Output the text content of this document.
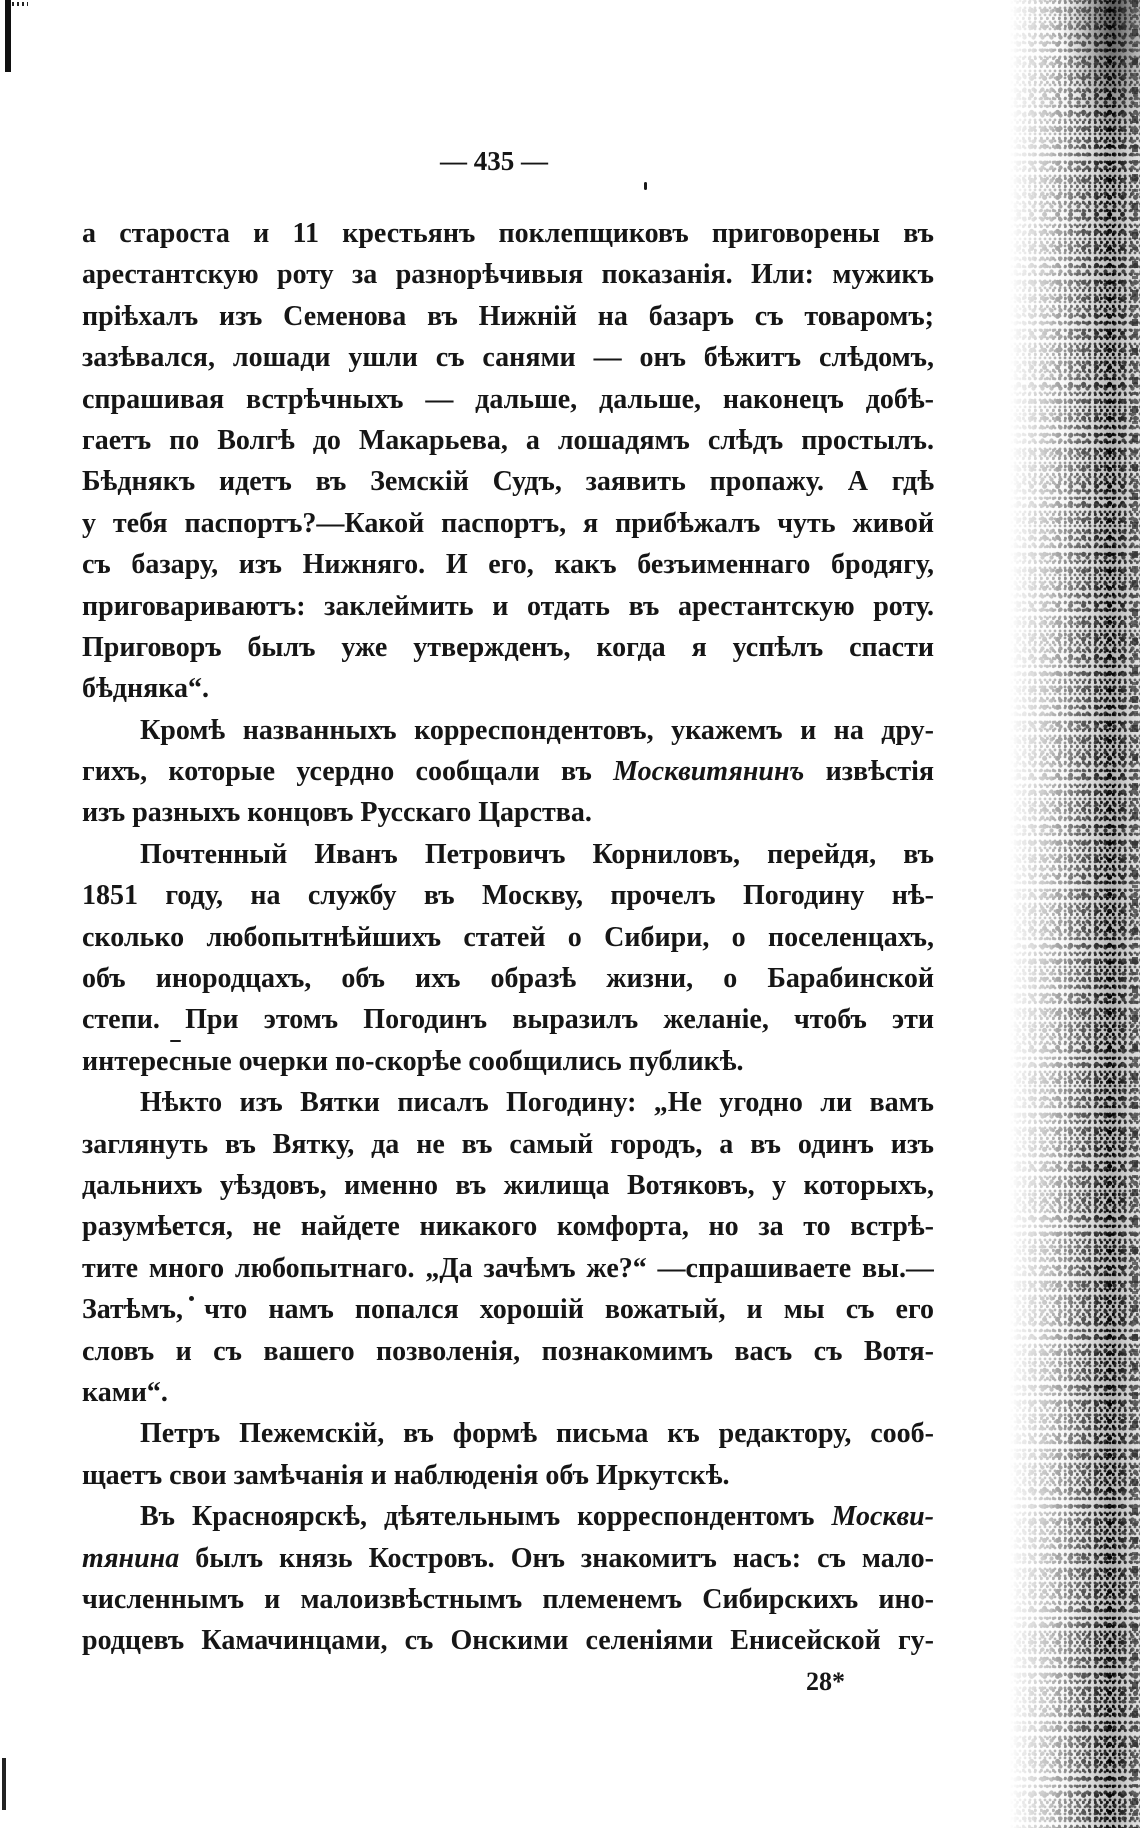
— 435 —
а староста и 11 крестьянъ поклепщиковъ приговорены въ
арестантскую роту за разнорѣчивыя показанія. Или: мужикъ
пріѣхалъ изъ Семенова въ Нижній на базаръ съ товаромъ;
зазѣвался, лошади ушли съ санями — онъ бѣжитъ слѣдомъ,
спрашивая встрѣчныхъ — дальше, дальше, наконецъ добѣ-
гаетъ по Волгѣ до Макарьева, а лошадямъ слѣдъ простылъ.
Бѣднякъ идетъ въ Земскій Судъ, заявить пропажу. А гдѣ
у тебя паспортъ?—Какой паспортъ, я прибѣжалъ чуть живой
съ базару, изъ Нижняго. И его, какъ безъименнаго бродягу,
приговариваютъ: заклеймить и отдать въ арестантскую роту.
Приговоръ былъ уже утвержденъ, когда я успѣлъ спасти
бѣдняка“.
Кромѣ названныхъ корреспондентовъ, укажемъ и на дру-
гихъ, которые усердно сообщали въ Москвитянинъ извѣстія
изъ разныхъ концовъ Русскаго Царства.
Почтенный Иванъ Петровичъ Корниловъ, перейдя, въ
1851 году, на службу въ Москву, прочелъ Погодину нѣ-
сколько любопытнѣйшихъ статей о Сибири, о поселенцахъ,
объ инородцахъ, объ ихъ образѣ жизни, о Барабинской
степи. При этомъ Погодинъ выразилъ желаніе, чтобъ эти
интересные очерки по-скорѣе сообщились публикѣ.
Нѣкто изъ Вятки писалъ Погодину: „Не угодно ли вамъ
заглянуть въ Вятку, да не въ самый городъ, а въ одинъ изъ
дальнихъ уѣздовъ, именно въ жилища Вотяковъ, у которыхъ,
разумѣется, не найдете никакого комфорта, но за то встрѣ-
тите много любопытнаго. „Да зачѣмъ же?“ —спрашиваете вы.—
Затѣмъ, что намъ попался хорошій вожатый, и мы съ его
словъ и съ вашего позволенія, познакомимъ васъ съ Вотя-
ками“.
Петръ Пежемскій, въ формѣ письма къ редактору, сооб-
щаетъ свои замѣчанія и наблюденія объ Иркутскѣ.
Въ Красноярскѣ, дѣятельнымъ корреспондентомъ Москви-
тянина былъ князь Костровъ. Онъ знакомитъ насъ: съ мало-
численнымъ и малоизвѣстнымъ племенемъ Сибирскихъ ино-
родцевъ Камачинцами, съ Онскими селеніями Енисейской гу-
28*
